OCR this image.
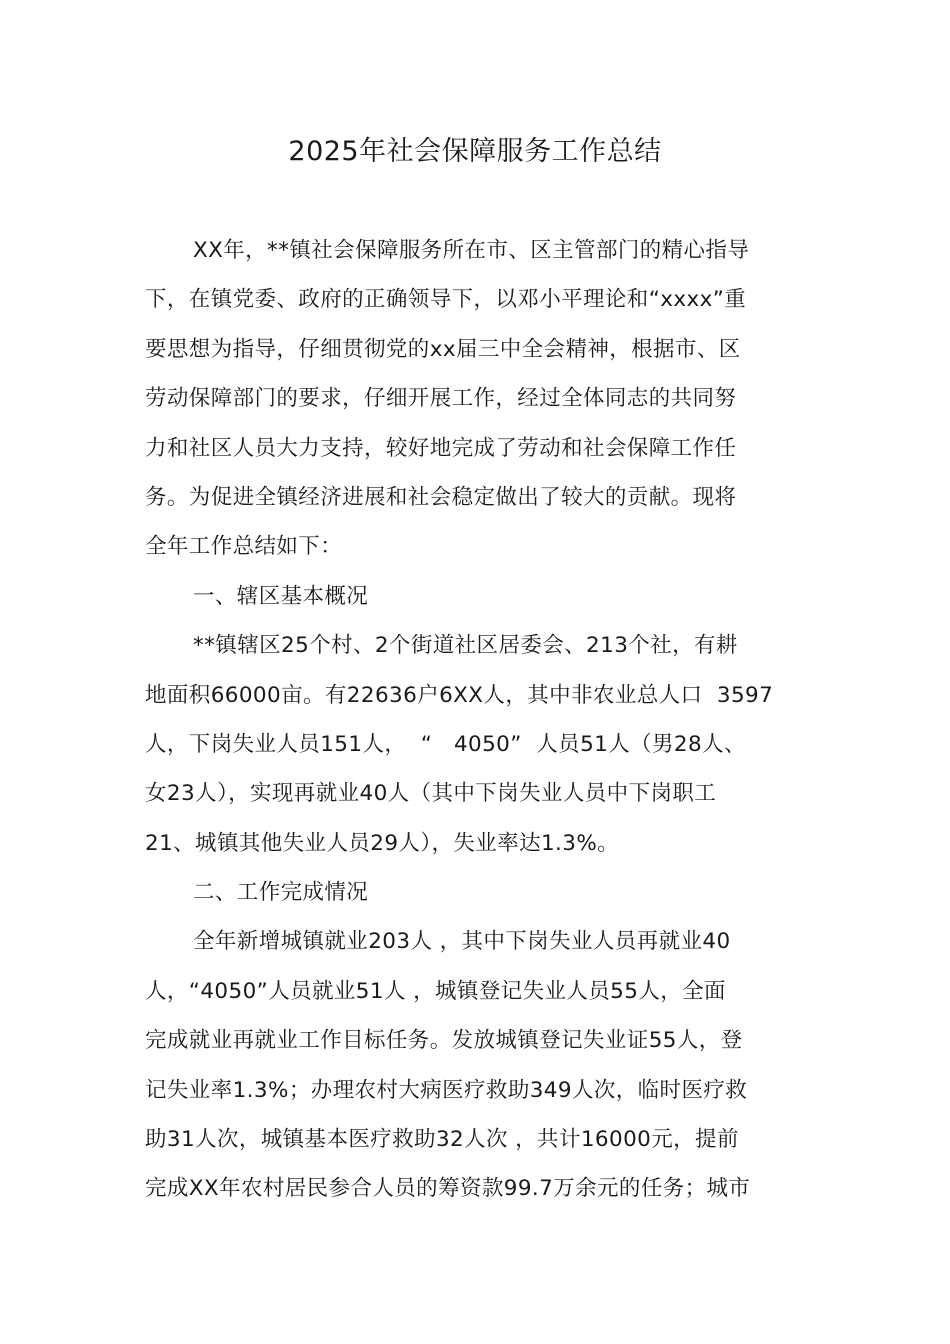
2025年社会保障服务工作总结
XX年，**镇社会保障服务所在市、区主管部门的精心指导
下，在镇党委、政府的正确领导下，以邓小平理论和“xxxx”重
要思想为指导，仔细贯彻党的xx届三中全会精神，根据市、区
劳动保障部门的要求，仔细开展工作，经过全体同志的共同努
力和社区人员大力支持，较好地完成了劳动和社会保障工作任
务。为促进全镇经济进展和社会稳定做出了较大的贡献。现将
全年工作总结如下：
一、辖区基本概况
**镇辖区25个村、2个街道社区居委会、213个社，有耕
地面积66000亩。有22636户6XX人，其中非农业总人口  3597
人，下岗失业人员151人，  “   4050”  人员51人（男28人、
女23人），实现再就业40人（其中下岗失业人员中下岗职工
21、城镇其他失业人员29人），失业率达1.3%。
二、工作完成情况
全年新增城镇就业203人 ，其中下岗失业人员再就业40
人，“4050”人员就业51人 ，城镇登记失业人员55人，全面
完成就业再就业工作目标任务。发放城镇登记失业证55人，登
记失业率1.3%；办理农村大病医疗救助349人次，临时医疗救
助31人次，城镇基本医疗救助32人次 ，共计16000元，提前
完成XX年农村居民参合人员的筹资款99.7万余元的任务；城市
